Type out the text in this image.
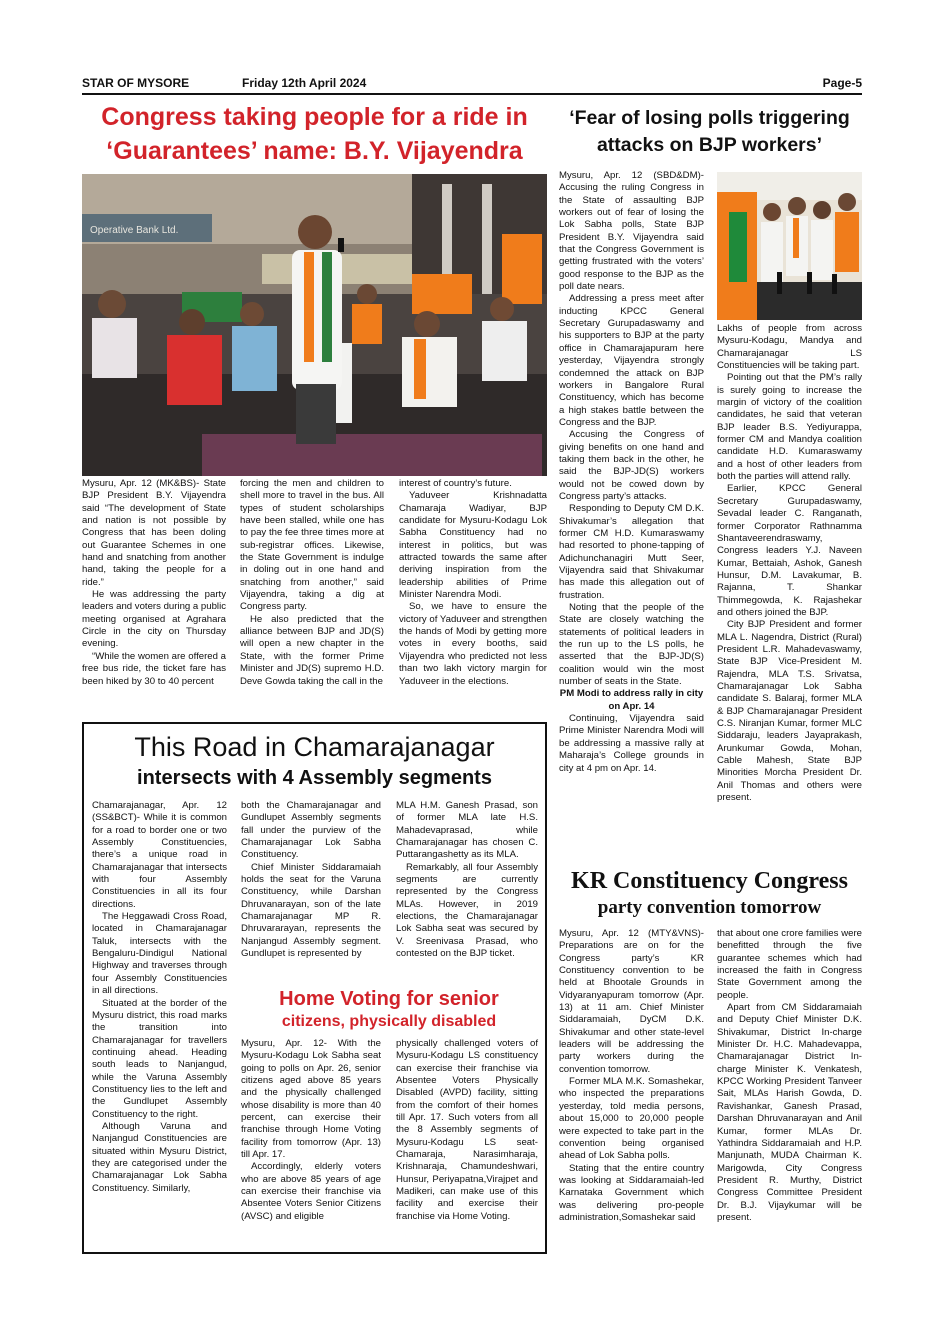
STAR OF MYSORE	Friday 12th April 2024	Page-5
Congress taking people for a ride in
‘Guarantees’ name: B.Y. Vijayendra
Operative Bank Ltd.

Mysuru, Apr. 12 (MK&BS)- State BJP President B.Y. Vijayendra said “The development of State and nation is not possible by Congress that has been doling out Guarantee Schemes in one hand and snatching from another hand, taking the people for a ride.”

He was addressing the party leaders and voters during a public meeting organised at Agrahara Circle in the city on Thursday evening.

“While the women are offered a free bus ride, the ticket fare has been hiked by 30 to 40 percent

forcing the men and children to shell more to travel in the bus. All types of student scholarships have been stalled, while one has to pay the fee three times more at sub-registrar offices. Likewise, the State Government is indulge in doling out in one hand and snatching from another,” said Vijayendra, taking a dig at Congress party.

He also predicted that the alliance between BJP and JD(S) will open a new chapter in the State, with the former Prime Minister and JD(S) supremo H.D. Deve Gowda taking the call in the

interest of country’s future.

Yaduveer Krishnadatta Chamaraja Wadiyar, BJP candidate for Mysuru-Kodagu Lok Sabha Constituency had no interest in politics, but was attracted towards the same after deriving inspiration from the leadership abilities of Prime Minister Narendra Modi.

So, we have to ensure the victory of Yaduveer and strengthen the hands of Modi by getting more votes in every booths, said Vijayendra who predicted not less than two lakh victory margin for Yaduveer in the elections.

‘Fear of losing polls triggering
attacks on BJP workers’

Mysuru, Apr. 12 (SBD&DM)- Accusing the ruling Congress in the State of assaulting BJP workers out of fear of losing the Lok Sabha polls, State BJP President B.Y. Vijayendra said that the Congress Government is getting frustrated with the voters’ good response to the BJP as the poll date nears.

Addressing a press meet after inducting KPCC General Secretary Gurupadaswamy and his supporters to BJP at the party office in Chamarajapuram here yesterday, Vijayendra strongly condemned the attack on BJP workers in Bangalore Rural Constituency, which has become a high stakes battle between the Congress and the BJP.

Accusing the Congress of giving benefits on one hand and taking them back in the other, he said the BJP-JD(S) workers would not be cowed down by Congress party’s attacks.

Responding to Deputy CM D.K. Shivakumar’s allegation that former CM H.D. Kumaraswamy had resorted to phone-tapping of Adichunchanagiri Mutt Seer, Vijayendra said that Shivakumar has made this allegation out of frustration.

Noting that the people of the State are closely watching the statements of political leaders in the run up to the LS polls, he asserted that the BJP-JD(S) coalition would win the most number of seats in the State.

PM Modi to address rally in city on Apr. 14

Continuing, Vijayendra said Prime Minister Narendra Modi will be addressing a massive rally at Maharaja’s College grounds in city at 4 pm on Apr. 14.

Lakhs of people from across Mysuru-Kodagu, Mandya and Chamarajanagar LS Constituencies will be taking part.

Pointing out that the PM’s rally is surely going to increase the margin of victory of the coalition candidates, he said that veteran BJP leader B.S. Yediyurappa, former CM and Mandya coalition candidate H.D. Kumaraswamy and a host of other leaders from both the parties will attend rally.

Earlier, KPCC General Secretary Gurupadaswamy, Sevadal leader C. Ranganath, former Corporator Rathnamma Shantaveerendraswamy, Congress leaders Y.J. Naveen Kumar, Bettaiah, Ashok, Ganesh Hunsur, D.M. Lavakumar, B. Rajanna, T. Shankar Thimmegowda, K. Rajashekar and others joined the BJP.

City BJP President and former MLA L. Nagendra, District (Rural) President L.R. Mahadevaswamy, State BJP Vice-President M. Rajendra, MLA T.S. Srivatsa, Chamarajanagar Lok Sabha candidate S. Balaraj, former MLA & BJP Chamarajanagar President C.S. Niranjan Kumar, former MLC Siddaraju, leaders Jayaprakash, Arunkumar Gowda, Mohan, Cable Mahesh, State BJP Minorities Morcha President Dr. Anil Thomas and others were present.

This Road in Chamarajanagar
intersects with 4 Assembly segments

Chamarajanagar, Apr. 12 (SS&BCT)- While it is common for a road to border one or two Assembly Constituencies, there’s a unique road in Chamarajanagar that intersects with four Assembly Constituencies in all its four directions.

The Heggawadi Cross Road, located in Chamarajanagar Taluk, intersects with the Bengaluru-Dindigul National Highway and traverses through four Assembly Constituencies in all directions.

Situated at the border of the Mysuru district, this road marks the transition into Chamarajanagar for travellers continuing ahead. Heading south leads to Nanjangud, while the Varuna Assembly Constituency lies to the left and the Gundlupet Assembly Constituency to the right.

Although Varuna and Nanjangud Constituencies are situated within Mysuru District, they are categorised under the Chamarajanagar Lok Sabha Constituency. Similarly,

both the Chamarajanagar and Gundlupet Assembly segments fall under the purview of the Chamarajanagar Lok Sabha Constituency.

Chief Minister Siddaramaiah holds the seat for the Varuna Constituency, while Darshan Dhruvanarayan, son of the late Chamarajanagar MP R. Dhruvararayan, represents the Nanjangud Assembly segment. Gundlupet is represented by

MLA H.M. Ganesh Prasad, son of former MLA late H.S. Mahadevaprasad, while Chamarajanagar has chosen C. Puttarangashetty as its MLA.

Remarkably, all four Assembly segments are currently represented by the Congress MLAs. However, in 2019 elections, the Chamarajanagar Lok Sabha seat was secured by V. Sreenivasa Prasad, who contested on the BJP ticket.

Home Voting for senior
citizens, physically disabled

Mysuru, Apr. 12- With the Mysuru-Kodagu Lok Sabha seat going to polls on Apr. 26, senior citizens aged above 85 years and the physically challenged whose disability is more than 40 percent, can exercise their franchise through Home Voting facility from tomorrow (Apr. 13) till Apr. 17.

Accordingly, elderly voters who are above 85 years of age can exercise their franchise via Absentee Voters Senior Citizens (AVSC) and eligible

physically challenged voters of Mysuru-Kodagu LS constituency can exercise their franchise via Absentee Voters Physically Disabled (AVPD) facility, sitting from the comfort of their homes till Apr. 17. Such voters from all the 8 Assembly segments of Mysuru-Kodagu LS seat- Chamaraja, Narasimharaja, Krishnaraja, Chamundeshwari, Hunsur, Periyapatna,Virajpet and Madikeri, can make use of this facility and exercise their franchise via Home Voting.

KR Constituency Congress
party convention tomorrow

Mysuru, Apr. 12 (MTY&VNS)- Preparations are on for the Congress party’s KR Constituency convention to be held at Bhootale Grounds in Vidyaranyapuram tomorrow (Apr. 13) at 11 am. Chief Minister Siddaramaiah, DyCM D.K. Shivakumar and other state-level leaders will be addressing the party workers during the convention tomorrow.

Former MLA M.K. Somashekar, who inspected the preparations yesterday, told media persons, about 15,000 to 20,000 people were expected to take part in the convention being organised ahead of Lok Sabha polls.

Stating that the entire country was looking at Siddaramaiah-led Karnataka Government which was delivering pro-people administration,Somashekar said

that about one crore families were benefitted through the five guarantee schemes which had increased the faith in Congress State Government among the people.

Apart from CM Siddaramaiah and Deputy Chief Minister D.K. Shivakumar, District In-charge Minister Dr. H.C. Mahadevappa, Chamarajanagar District In-charge Minister K. Venkatesh, KPCC Working President Tanveer Sait, MLAs Harish Gowda, D. Ravishankar, Ganesh Prasad, Darshan Dhruvanarayan and Anil Kumar, former MLAs Dr. Yathindra Siddaramaiah and H.P. Manjunath, MUDA Chairman K. Marigowda, City Congress President R. Murthy, District Congress Committee President Dr. B.J. Vijaykumar will be present.
